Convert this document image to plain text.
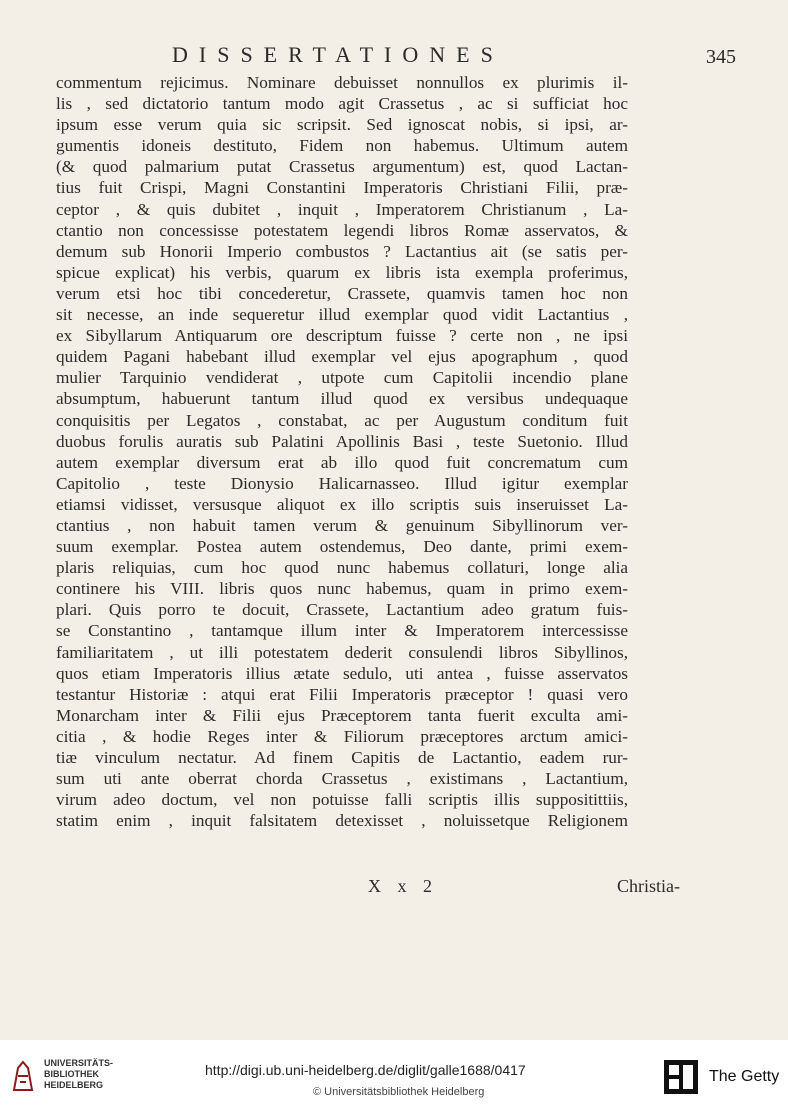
DISSERTATIONES	345
commentum rejicimus. Nominare debuisset nonnullos ex plurimis il-
lis , sed dictatorio tantum modo agit Crassetus , ac si sufficiat hoc
ipsum esse verum quia sic scripsit. Sed ignoscat nobis, si ipsi, ar-
gumentis idoneis destituto, Fidem non habemus. Ultimum autem
(& quod palmarium putat Crassetus argumentum) est, quod Lactan-
tius fuit Crispi, Magni Constantini Imperatoris Christiani Filii, præ-
ceptor , & quis dubitet , inquit , Imperatorem Christianum , La-
ctantio non concessisse potestatem legendi libros Romæ asservatos, &
demum sub Honorii Imperio combustos ? Lactantius ait (se satis per-
spicue explicat) his verbis, quarum ex libris ista exempla proferimus,
verum etsi hoc tibi concederetur, Crassete, quamvis tamen hoc non
sit necesse, an inde sequeretur illud exemplar quod vidit Lactantius ,
ex Sibyllarum Antiquarum ore descriptum fuisse ? certe non , ne ipsi
quidem Pagani habebant illud exemplar vel ejus apographum , quod
mulier Tarquinio vendiderat , utpote cum Capitolii incendio plane
absumptum, habuerunt tantum illud quod ex versibus undequaque
conquisitis per Legatos , constabat, ac per Augustum conditum fuit
duobus forulis auratis sub Palatini Apollinis Basi , teste Suetonio. Illud
autem exemplar diversum erat ab illo quod fuit concrematum cum
Capitolio , teste Dionysio Halicarnasseo. Illud igitur exemplar
etiamsi vidisset, versusque aliquot ex illo scriptis suis inseruisset La-
ctantius , non habuit tamen verum & genuinum Sibyllinorum ver-
suum exemplar. Postea autem ostendemus, Deo dante, primi exem-
plaris reliquias, cum hoc quod nunc habemus collaturi, longe alia
continere his VIII. libris quos nunc habemus, quam in primo exem-
plari. Quis porro te docuit, Crassete, Lactantium adeo gratum fuis-
se Constantino , tantamque illum inter & Imperatorem intercessisse
familiaritatem , ut illi potestatem dederit consulendi libros Sibyllinos,
quos etiam Imperatoris illius ætate sedulo, uti antea , fuisse asservatos
testantur Historiæ : atqui erat Filii Imperatoris præceptor ! quasi vero
Monarcham inter & Filii ejus Præceptorem tanta fuerit exculta ami-
citia , & hodie Reges inter & Filiorum præceptores arctum amici-
tiæ vinculum nectatur. Ad finem Capitis de Lactantio, eadem rur-
sum uti ante oberrat chorda Crassetus , existimans , Lactantium,
virum adeo doctum, vel non potuisse falli scriptis illis suppositittiis,
statim enim , inquit falsitatem detexisset , noluissetque Religionem
X x 2	Christia-
UNIVERSITÄTS-
BIBLIOTHEK
HEIDELBERG
http://digi.ub.uni-heidelberg.de/diglit/galle1688/0417
© Universitätsbibliothek Heidelberg
The Getty
